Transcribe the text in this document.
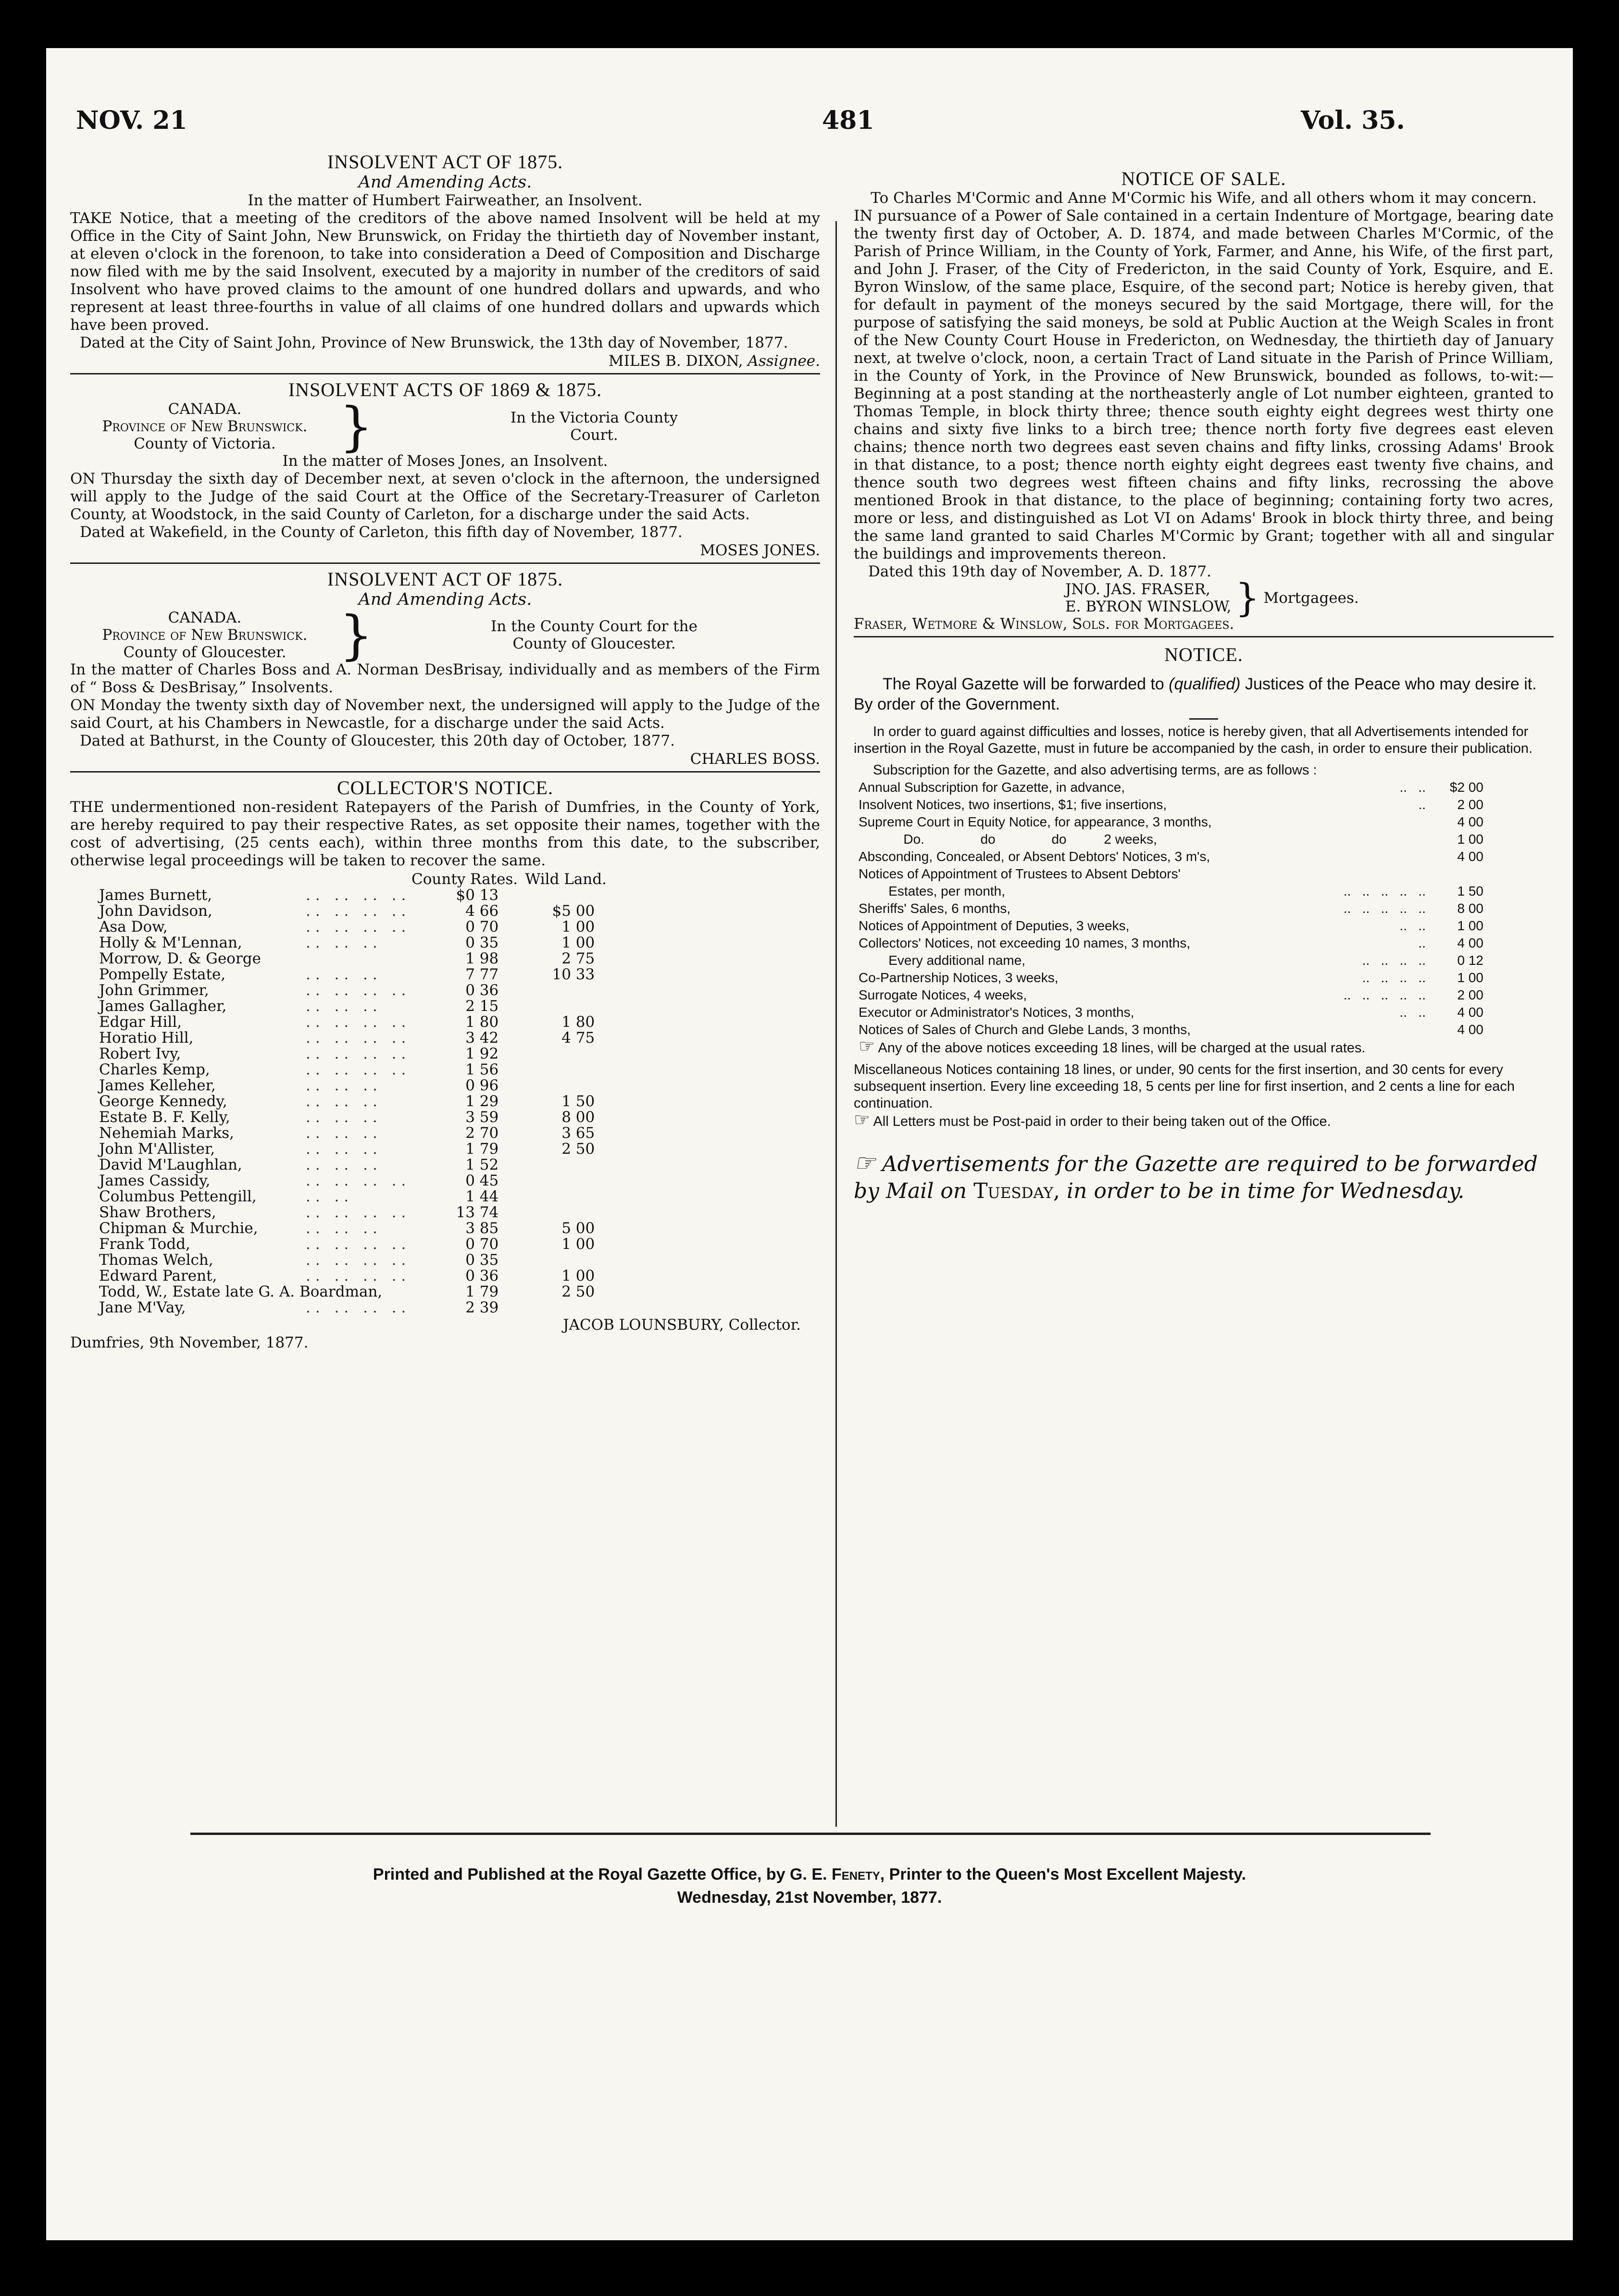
NOV. 21	481	Vol. 35.

INSOLVENT ACT OF 1875.

And Amending Acts.

In the matter of Humbert Fairweather, an Insolvent.

TAKE Notice, that a meeting of the creditors of the above named Insolvent will be held at my Office in the City of Saint John, New Brunswick, on Friday the thirtieth day of November instant, at eleven o'clock in the forenoon, to take into consideration a Deed of Composition and Discharge now filed with me by the said Insolvent, executed by a majority in number of the creditors of said Insolvent who have proved claims to the amount of one hundred dollars and upwards, and who represent at least three-fourths in value of all claims of one hundred dollars and upwards which have been proved.

Dated at the City of Saint John, Province of New Brunswick, the 13th day of November, 1877.

MILES B. DIXON, Assignee.

INSOLVENT ACTS OF 1869 & 1875.

CANADA.
Province of New Brunswick.
County of Victoria.	}	In the Victoria County
Court.

In the matter of Moses Jones, an Insolvent.

ON Thursday the sixth day of December next, at seven o'clock in the afternoon, the undersigned will apply to the Judge of the said Court at the Office of the Secretary-Treasurer of Carleton County, at Woodstock, in the said County of Carleton, for a discharge under the said Acts.

Dated at Wakefield, in the County of Carleton, this fifth day of November, 1877.

MOSES JONES.

INSOLVENT ACT OF 1875.

And Amending Acts.

CANADA.
Province of New Brunswick.
County of Gloucester.	}	In the County Court for the
County of Gloucester.

In the matter of Charles Boss and A. Norman DesBrisay, individually and as members of the Firm of “ Boss & DesBrisay,” Insolvents.

ON Monday the twenty sixth day of November next, the undersigned will apply to the Judge of the said Court, at his Chambers in Newcastle, for a discharge under the said Acts.

Dated at Bathurst, in the County of Gloucester, this 20th day of October, 1877.

CHARLES BOSS.

COLLECTOR'S NOTICE.

THE undermentioned non-resident Ratepayers of the Parish of Dumfries, in the County of York, are hereby required to pay their respective Rates, as set opposite their names, together with the cost of advertising, (25 cents each), within three months from this date, to the subscriber, otherwise legal proceedings will be taken to recover the same.

		County Rates.	Wild Land.
James Burnett,	.. .. .. ..	$0 13	
John Davidson,	.. .. .. ..	4 66	$5 00
Asa Dow,	.. .. .. ..	0 70	1 00
Holly & M'Lennan,	.. .. ..	0 35	1 00
Morrow, D. & George		1 98	2 75
Pompelly Estate,	.. .. ..	7 77	10 33
John Grimmer,	.. .. .. ..	0 36	
James Gallagher,	.. .. ..	2 15	
Edgar Hill,	.. .. .. ..	1 80	1 80
Horatio Hill,	.. .. .. ..	3 42	4 75
Robert Ivy,	.. .. .. ..	1 92	
Charles Kemp,	.. .. .. ..	1 56	
James Kelleher,	.. .. ..	0 96	
George Kennedy,	.. .. ..	1 29	1 50
Estate B. F. Kelly,	.. .. ..	3 59	8 00
Nehemiah Marks,	.. .. ..	2 70	3 65
John M'Allister,	.. .. ..	1 79	2 50
David M'Laughlan,	.. .. ..	1 52	
James Cassidy,	.. .. .. ..	0 45	
Columbus Pettengill,	.. ..	1 44	
Shaw Brothers,	.. .. .. ..	13 74	
Chipman & Murchie,	.. .. ..	3 85	5 00
Frank Todd,	.. .. .. ..	0 70	1 00
Thomas Welch,	.. .. .. ..	0 35	
Edward Parent,	.. .. .. ..	0 36	1 00
Todd, W., Estate late G. A. Boardman,		1 79	2 50
Jane M'Vay,	.. .. .. ..	2 39	

JACOB LOUNSBURY, Collector.

Dumfries, 9th November, 1877.

NOTICE OF SALE.

To Charles M'Cormic and Anne M'Cormic his Wife, and all others whom it may concern.

IN pursuance of a Power of Sale contained in a certain Indenture of Mortgage, bearing date the twenty first day of October, A. D. 1874, and made between Charles M'Cormic, of the Parish of Prince William, in the County of York, Farmer, and Anne, his Wife, of the first part, and John J. Fraser, of the City of Fredericton, in the said County of York, Esquire, and E. Byron Winslow, of the same place, Esquire, of the second part; Notice is hereby given, that for default in payment of the moneys secured by the said Mortgage, there will, for the purpose of satisfying the said moneys, be sold at Public Auction at the Weigh Scales in front of the New County Court House in Fredericton, on Wednesday, the thirtieth day of January next, at twelve o'clock, noon, a certain Tract of Land situate in the Parish of Prince William, in the County of York, in the Province of New Brunswick, bounded as follows, to-wit:—Beginning at a post standing at the northeasterly angle of Lot number eighteen, granted to Thomas Temple, in block thirty three; thence south eighty eight degrees west thirty one chains and sixty five links to a birch tree; thence north forty five degrees east eleven chains; thence north two degrees east seven chains and fifty links, crossing Adams' Brook in that distance, to a post; thence north eighty eight degrees east twenty five chains, and thence south two degrees west fifteen chains and fifty links, recrossing the above mentioned Brook in that distance, to the place of beginning; containing forty two acres, more or less, and distinguished as Lot VI on Adams' Brook in block thirty three, and being the same land granted to said Charles M'Cormic by Grant; together with all and singular the buildings and improvements thereon.

Dated this 19th day of November, A. D. 1877.

JNO. JAS. FRASER,
E. BYRON WINSLOW, } Mortgagees.

Fraser, Wetmore & Winslow, Sols. for Mortgagees.

NOTICE.

The Royal Gazette will be forwarded to (qualified) Justices of the Peace who may desire it. By order of the Government.

In order to guard against difficulties and losses, notice is hereby given, that all Advertisements intended for insertion in the Royal Gazette, must in future be accompanied by the cash, in order to ensure their publication.

Subscription for the Gazette, and also advertising terms, are as follows :

Annual Subscription for Gazette, in advance,	..   ..	$2 00
Insolvent Notices, two insertions, $1; five insertions,	..	2 00
Supreme Court in Equity Notice, for appearance, 3 months,		4 00
Do.               do               do          2 weeks,		1 00
Absconding, Concealed, or Absent Debtors' Notices, 3 m's,		4 00
Notices of Appointment of Trustees to Absent Debtors'		
Estates, per month,	..   ..   ..   ..   ..	1 50
Sheriffs' Sales, 6 months,	..   ..   ..   ..   ..	8 00
Notices of Appointment of Deputies, 3 weeks,	..   ..	1 00
Collectors' Notices, not exceeding 10 names, 3 months,	..	4 00
Every additional name,	..   ..   ..   ..	0 12
Co-Partnership Notices, 3 weeks,	..   ..   ..   ..	1 00
Surrogate Notices, 4 weeks,	..   ..   ..   ..   ..	2 00
Executor or Administrator's Notices, 3 months,	..   ..	4 00
Notices of Sales of Church and Glebe Lands, 3 months,		4 00

☞ Any of the above notices exceeding 18 lines, will be charged at the usual rates.

Miscellaneous Notices containing 18 lines, or under, 90 cents for the first insertion, and 30 cents for every subsequent insertion. Every line exceeding 18, 5 cents per line for first insertion, and 2 cents a line for each continuation.

☞ All Letters must be Post-paid in order to their being taken out of the Office.

☞ Advertisements for the Gazette are required to be forwarded by Mail on Tuesday, in order to be in time for Wednesday.

Printed and Published at the Royal Gazette Office, by G. E. Fenety, Printer to the Queen's Most Excellent Majesty.
Wednesday, 21st November, 1877.
